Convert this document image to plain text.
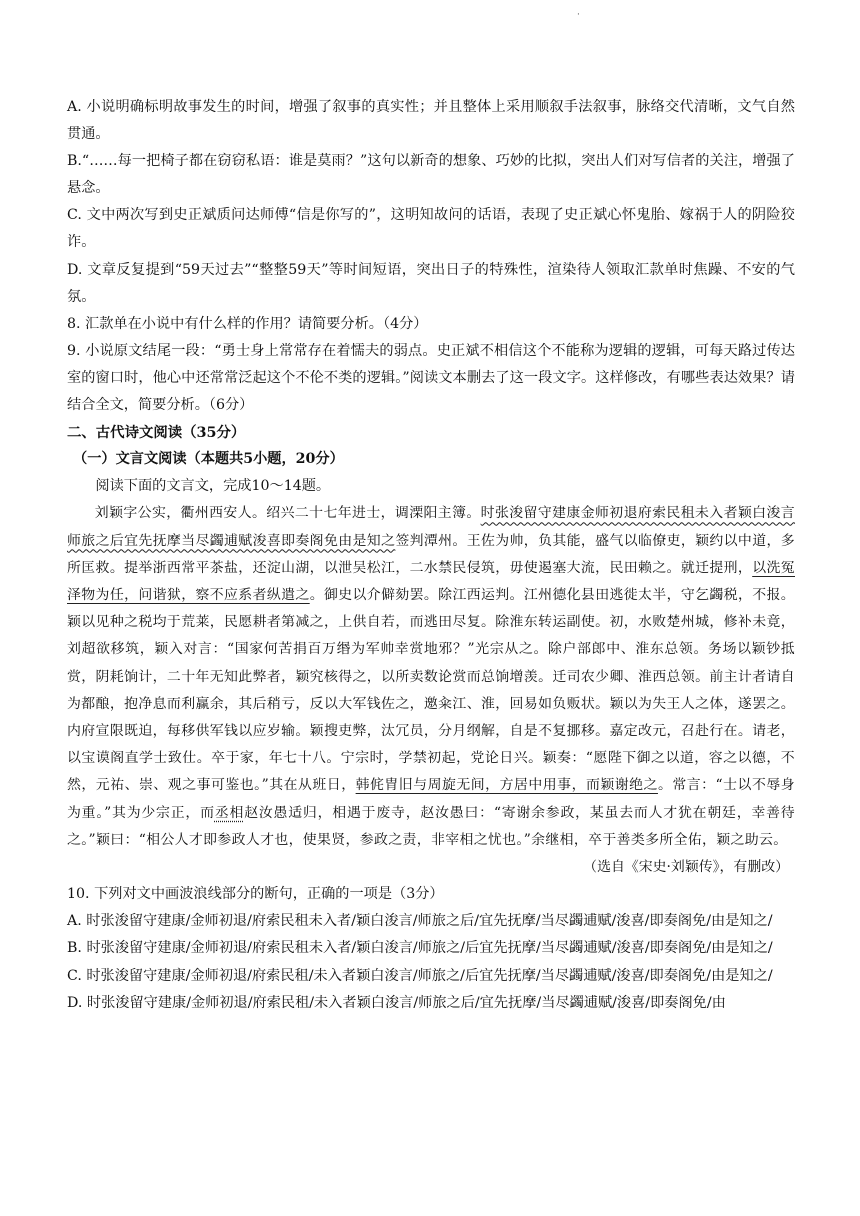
·

A. 小说明确标明故事发生的时间，增强了叙事的真实性；并且整体上采用顺叙手法叙事，脉络交代清晰，文气自然贯通。

B.“……每一把椅子都在窃窃私语：谁是莫雨？”这句以新奇的想象、巧妙的比拟，突出人们对写信者的关注，增强了悬念。

C. 文中两次写到史正斌质问达师傅“信是你写的”，这明知故问的话语，表现了史正斌心怀鬼胎、嫁祸于人的阴险狡诈。

D. 文章反复提到“59天过去”“整整59天”等时间短语，突出日子的特殊性，渲染待人领取汇款单时焦躁、不安的气氛。

8. 汇款单在小说中有什么样的作用？请简要分析。（4分）

9. 小说原文结尾一段：“勇士身上常常存在着懦夫的弱点。史正斌不相信这个不能称为逻辑的逻辑，可每天路过传达室的窗口时，他心中还常常泛起这个不伦不类的逻辑。”阅读文本删去了这一段文字。这样修改，有哪些表达效果？请结合全文，简要分析。（6分）

二、古代诗文阅读（35分）

（一）文言文阅读（本题共5小题，20分）

阅读下面的文言文，完成10～14题。

刘颖字公实，衢州西安人。绍兴二十七年进士，调溧阳主簿。时张浚留守建康金师初退府索民租未入者颖白浚言师旅之后宜先抚摩当尽蠲逋赋浚喜即奏阁免由是知之签判潭州。王佐为帅，负其能，盛气以临僚吏，颖约以中道，多所匡救。提举浙西常平茶盐，还淀山湖，以泄吴松江，二水禁民侵筑，毋使遏塞大流，民田赖之。就迁提刑，以洗冤泽物为任，问谐狱，察不应系者纵遣之。御史以介僻劾罢。除江西运判。江州德化县田逃徙太半，守乞蠲税，不报。颖以见种之税均于荒莱，民愿耕者第减之，上供自若，而逃田尽复。除淮东转运副使。初，水败楚州城，修补未竟，刘超欲移筑，颖入对言：“国家何苦捐百万缗为军帅幸赏地邪？”光宗从之。除户部郎中、淮东总领。务场以颖钞抵赏，阴耗饷计，二十年无知此弊者，颖究核得之，以所卖数论赏而总饷增羡。迁司农少卿、淮西总领。前主计者请自为都酿，抱净息而利赢余，其后稍亏，反以大军钱佐之，邀籴江、淮，回易如负贩状。颖以为失王人之体，遂罢之。内府宣限既迫，每移供军钱以应岁输。颖搜吏弊，汰冗员，分月纲解，自是不复挪移。嘉定改元，召赴行在。请老，以宝谟阁直学士致仕。卒于家，年七十八。宁宗时，学禁初起，党论日兴。颖奏：“愿陛下御之以道，容之以德，不然，元祐、崇、观之事可鉴也。”其在从班日，韩侂胄旧与周旋无间，方居中用事，而颖谢绝之。常言：“士以不辱身为重。”其为少宗正，而丞相赵汝愚适归，相遇于废寺，赵汝愚曰：“寄谢余参政，某虽去而人才犹在朝廷，幸善待之。”颖曰：“相公人才即参政人才也，使果贤，参政之责，非宰相之忧也。”余继相，卒于善类多所全佑，颖之助云。

（选自《宋史·刘颖传》，有删改）

10. 下列对文中画波浪线部分的断句，正确的一项是（3分）

A. 时张浚留守建康/金师初退/府索民租未入者/颖白浚言/师旅之后/宜先抚摩/当尽蠲逋赋/浚喜/即奏阁免/由是知之/

B. 时张浚留守建康/金师初退/府索民租未入者/颖白浚言/师旅之/后宜先抚摩/当尽蠲逋赋/浚喜/即奏阁免/由是知之/

C. 时张浚留守建康/金师初退/府索民租/未入者颖白浚言/师旅之/后宜先抚摩/当尽蠲逋赋/浚喜/即奏阁免/由是知之/

D. 时张浚留守建康/金师初退/府索民租/未入者颖白浚言/师旅之后/宜先抚摩/当尽蠲逋赋/浚喜/即奏阁免/由
